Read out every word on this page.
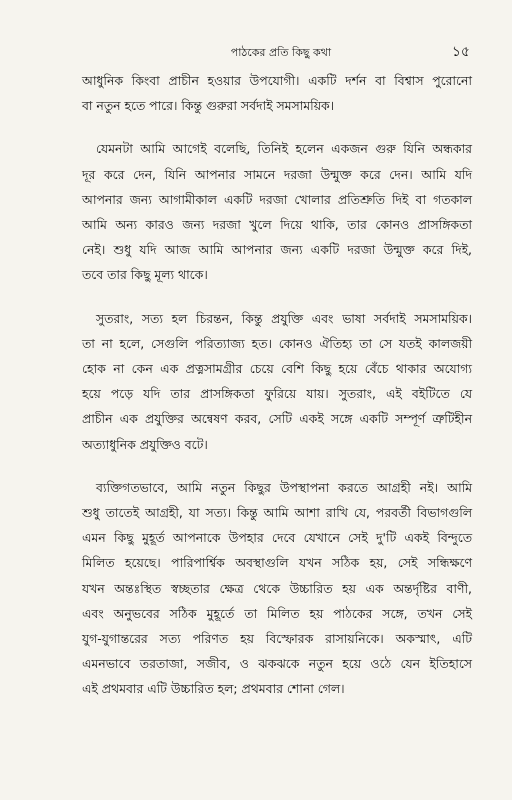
পাঠকের প্রতি কিছু কথা	১৫
আধুনিক কিংবা প্রাচীন হওয়ার উপযোগী। একটি দর্শন বা বিশ্বাস পুরোনো
বা নতুন হতে পারে। কিন্তু গুরুরা সর্বদাই সমসাময়িক।
যেমনটা আমি আগেই বলেছি, তিনিই হলেন একজন গুরু যিনি অন্ধকার
দূর করে দেন, যিনি আপনার সামনে দরজা উন্মুক্ত করে দেন। আমি যদি
আপনার জন্য আগামীকাল একটি দরজা খোলার প্রতিশ্রুতি দিই বা গতকাল
আমি অন্য কারও জন্য দরজা খুলে দিয়ে থাকি, তার কোনও প্রাসঙ্গিকতা
নেই। শুধু যদি আজ আমি আপনার জন্য একটি দরজা উন্মুক্ত করে দিই,
তবে তার কিছু মূল্য থাকে।
সুতরাং, সত্য হল চিরন্তন, কিন্তু প্রযুক্তি এবং ভাষা সর্বদাই সমসাময়িক।
তা না হলে, সেগুলি পরিত্যাজ্য হত। কোনও ঐতিহ্য তা সে যতই কালজয়ী
হোক না কেন এক প্রত্নসামগ্রীর চেয়ে বেশি কিছু হয়ে বেঁচে থাকার অযোগ্য
হয়ে পড়ে যদি তার প্রাসঙ্গিকতা ফুরিয়ে যায়। সুতরাং, এই বইটিতে যে
প্রাচীন এক প্রযুক্তির অন্বেষণ করব, সেটি একই সঙ্গে একটি সম্পূর্ণ ত্রুটিহীন
অত্যাধুনিক প্রযুক্তিও বটে।
ব্যক্তিগতভাবে, আমি নতুন কিছুর উপস্থাপনা করতে আগ্রহী নই। আমি
শুধু তাতেই আগ্রহী, যা সত্য। কিন্তু আমি আশা রাখি যে, পরবর্তী বিভাগগুলি
এমন কিছু মুহূর্ত আপনাকে উপহার দেবে যেখানে সেই দু'টি একই বিন্দুতে
মিলিত হয়েছে। পারিপার্শ্বিক অবস্থাগুলি যখন সঠিক হয়, সেই সন্ধিক্ষণে
যখন অন্তঃস্থিত স্বচ্ছতার ক্ষেত্র থেকে উচ্চারিত হয় এক অন্তর্দৃষ্টির বাণী,
এবং অনুভবের সঠিক মুহূর্তে তা মিলিত হয় পাঠকের সঙ্গে, তখন সেই
যুগ-যুগান্তরের সত্য পরিণত হয় বিস্ফোরক রাসায়নিকে। অকস্মাৎ, এটি
এমনভাবে তরতাজা, সজীব, ও ঝকঝকে নতুন হয়ে ওঠে যেন ইতিহাসে
এই প্রথমবার এটি উচ্চারিত হল; প্রথমবার শোনা গেল।
